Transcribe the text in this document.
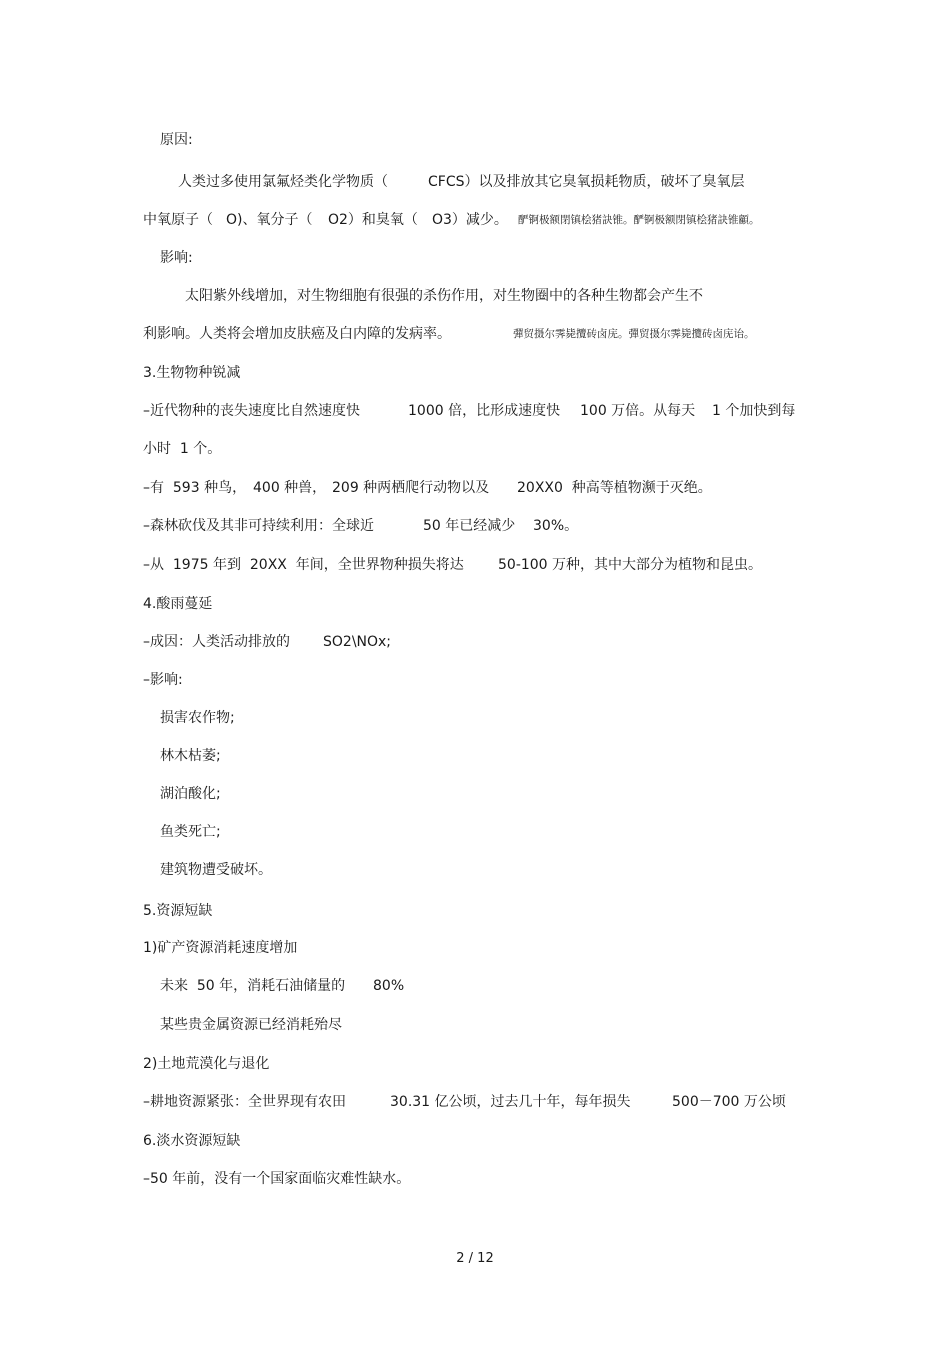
原因:

人类过多使用氯氟烃类化学物质（

	CFCS）以及排放其它臭氧损耗物质，破坏了臭氧层

中氧原子（

O)、氧分子（

O2）和臭氧（

O3）减少。

酽锕极额閉镇桧猪訣锥。酽锕极额閉镇桧猪訣锥顧。

影响:

太阳紫外线增加，对生物细胞有很强的杀伤作用，对生物圈中的各种生物都会产生不

利影响。人类将会增加皮肤癌及白内障的发病率。

	彈贸摄尔霁毙攬砖卤庑。彈贸摄尔霁毙攬砖卤庑诒。

3.生物物种锐减

–近代物种的丧失速度比自然速度快

	1000 倍，比形成速度快

100 万倍。从每天

1 个加快到每

小时  1 个。

–有  593 种鸟，

400 种兽，

209 种两栖爬行动物以及

20XX0  种高等植物濒于灭绝。

–森林砍伐及其非可持续利用：全球近

	50 年已经减少

30%。

–从  1975 年到  20XX  年间，全世界物种损失将达

50-100 万种，其中大部分为植物和昆虫。

4.酸雨蔓延

–成因：人类活动排放的

SO2\NOx;

–影响:

损害农作物;

林木枯萎;

湖泊酸化;

鱼类死亡;

建筑物遭受破坏。

5.资源短缺

1)矿产资源消耗速度增加

未来  50 年，消耗石油储量的

80%

某些贵金属资源已经消耗殆尽

2)土地荒漠化与退化

–耕地资源紧张：全世界现有农田

	30.31 亿公顷，过去几十年，每年损失

	500－700 万公顷

6.淡水资源短缺

–50 年前，没有一个国家面临灾难性缺水。

2 / 12
